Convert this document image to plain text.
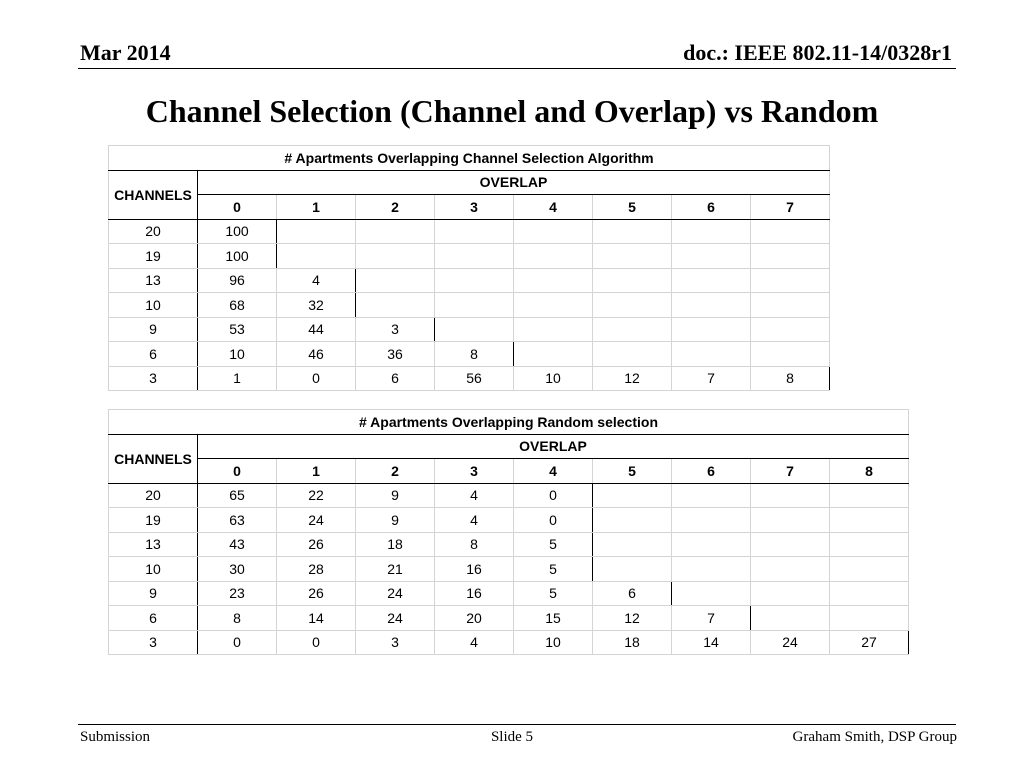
Mar 2014	doc.: IEEE 802.11-14/0328r1
Channel Selection (Channel and Overlap) vs Random
# Apartments Overlapping Channel Selection Algorithm								
CHANNELS	OVERLAP							
	0	1	2	3	4	5	6	7
20	100							
19	100							
13	96	4						
10	68	32						
9	53	44	3					
6	10	46	36	8				
3	1	0	6	56	10	12	7	8
# Apartments Overlapping Random selection									
CHANNELS	OVERLAP								
	0	1	2	3	4	5	6	7	8
20	65	22	9	4	0				
19	63	24	9	4	0				
13	43	26	18	8	5				
10	30	28	21	16	5				
9	23	26	24	16	5	6			
6	8	14	24	20	15	12	7		
3	0	0	3	4	10	18	14	24	27
Submission	Slide 5	Graham Smith, DSP Group
